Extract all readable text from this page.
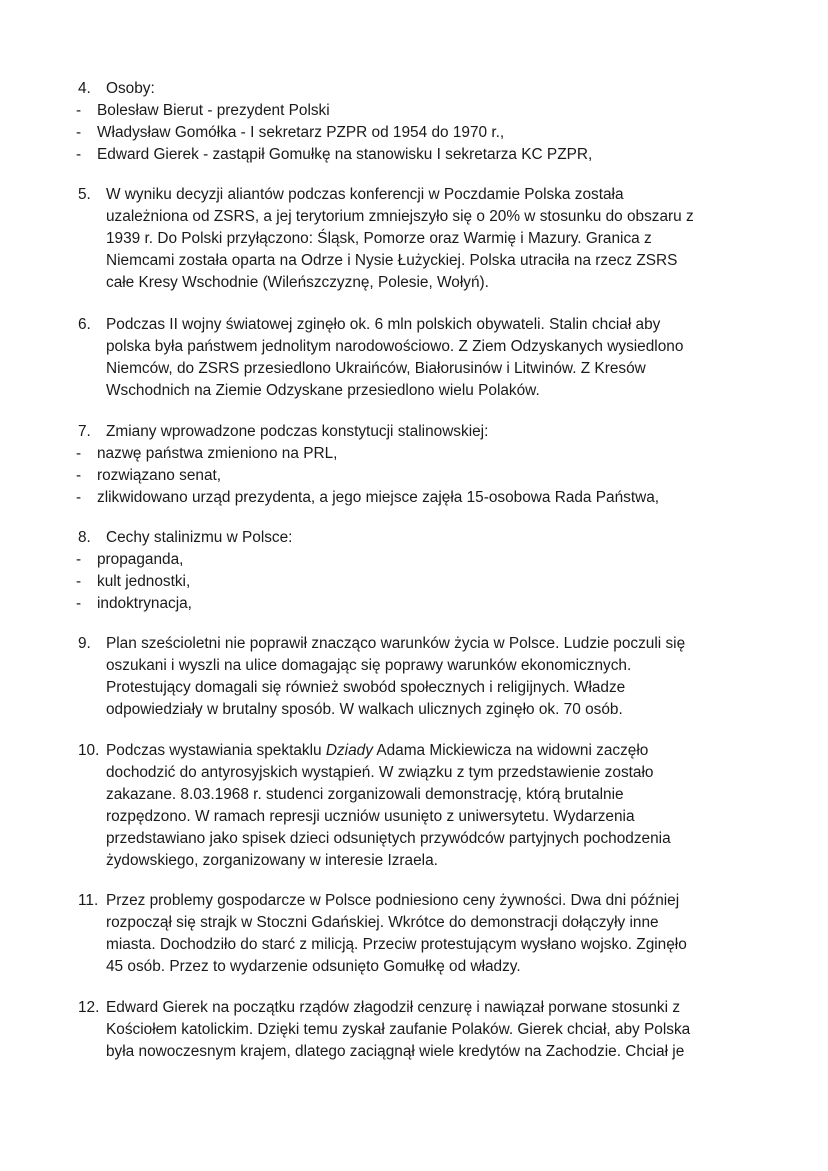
4. Osoby:
- Bolesław Bierut - prezydent Polski
- Władysław Gomółka - I sekretarz PZPR od 1954 do 1970 r.,
- Edward Gierek - zastąpił Gomułkę na stanowisku I sekretarza KC PZPR,
5. W wyniku decyzji aliantów podczas konferencji w Poczdamie Polska została
uzależniona od ZSRS, a jej terytorium zmniejszyło się o 20% w stosunku do obszaru z
1939 r. Do Polski przyłączono: Śląsk, Pomorze oraz Warmię i Mazury. Granica z
Niemcami została oparta na Odrze i Nysie Łużyckiej. Polska utraciła na rzecz ZSRS
całe Kresy Wschodnie (Wileńszczyznę, Polesie, Wołyń).
6. Podczas II wojny światowej zginęło ok. 6 mln polskich obywateli. Stalin chciał aby
polska była państwem jednolitym narodowościowo. Z Ziem Odzyskanych wysiedlono
Niemców, do ZSRS przesiedlono Ukraińców, Białorusinów i Litwinów. Z Kresów
Wschodnich na Ziemie Odzyskane przesiedlono wielu Polaków.
7. Zmiany wprowadzone podczas konstytucji stalinowskiej:
- nazwę państwa zmieniono na PRL,
- rozwiązano senat,
- zlikwidowano urząd prezydenta, a jego miejsce zajęła 15-osobowa Rada Państwa,
8. Cechy stalinizmu w Polsce:
- propaganda,
- kult jednostki,
- indoktrynacja,
9. Plan sześcioletni nie poprawił znacząco warunków życia w Polsce. Ludzie poczuli się
oszukani i wyszli na ulice domagając się poprawy warunków ekonomicznych.
Protestujący domagali się również swobód społecznych i religijnych. Władze
odpowiedziały w brutalny sposób. W walkach ulicznych zginęło ok. 70 osób.
10. Podczas wystawiania spektaklu Dziady Adama Mickiewicza na widowni zaczęło
dochodzić do antyrosyjskich wystąpień. W związku z tym przedstawienie zostało
zakazane. 8.03.1968 r. studenci zorganizowali demonstrację, którą brutalnie
rozpędzono. W ramach represji uczniów usunięto z uniwersytetu. Wydarzenia
przedstawiano jako spisek dzieci odsuniętych przywódców partyjnych pochodzenia
żydowskiego, zorganizowany w interesie Izraela.
11. Przez problemy gospodarcze w Polsce podniesiono ceny żywności. Dwa dni później
rozpoczął się strajk w Stoczni Gdańskiej. Wkrótce do demonstracji dołączyły inne
miasta. Dochodziło do starć z milicją. Przeciw protestującym wysłano wojsko. Zginęło
45 osób. Przez to wydarzenie odsunięto Gomułkę od władzy.
12. Edward Gierek na początku rządów złagodził cenzurę i nawiązał porwane stosunki z
Kościołem katolickim. Dzięki temu zyskał zaufanie Polaków. Gierek chciał, aby Polska
była nowoczesnym krajem, dlatego zaciągnął wiele kredytów na Zachodzie. Chciał je
